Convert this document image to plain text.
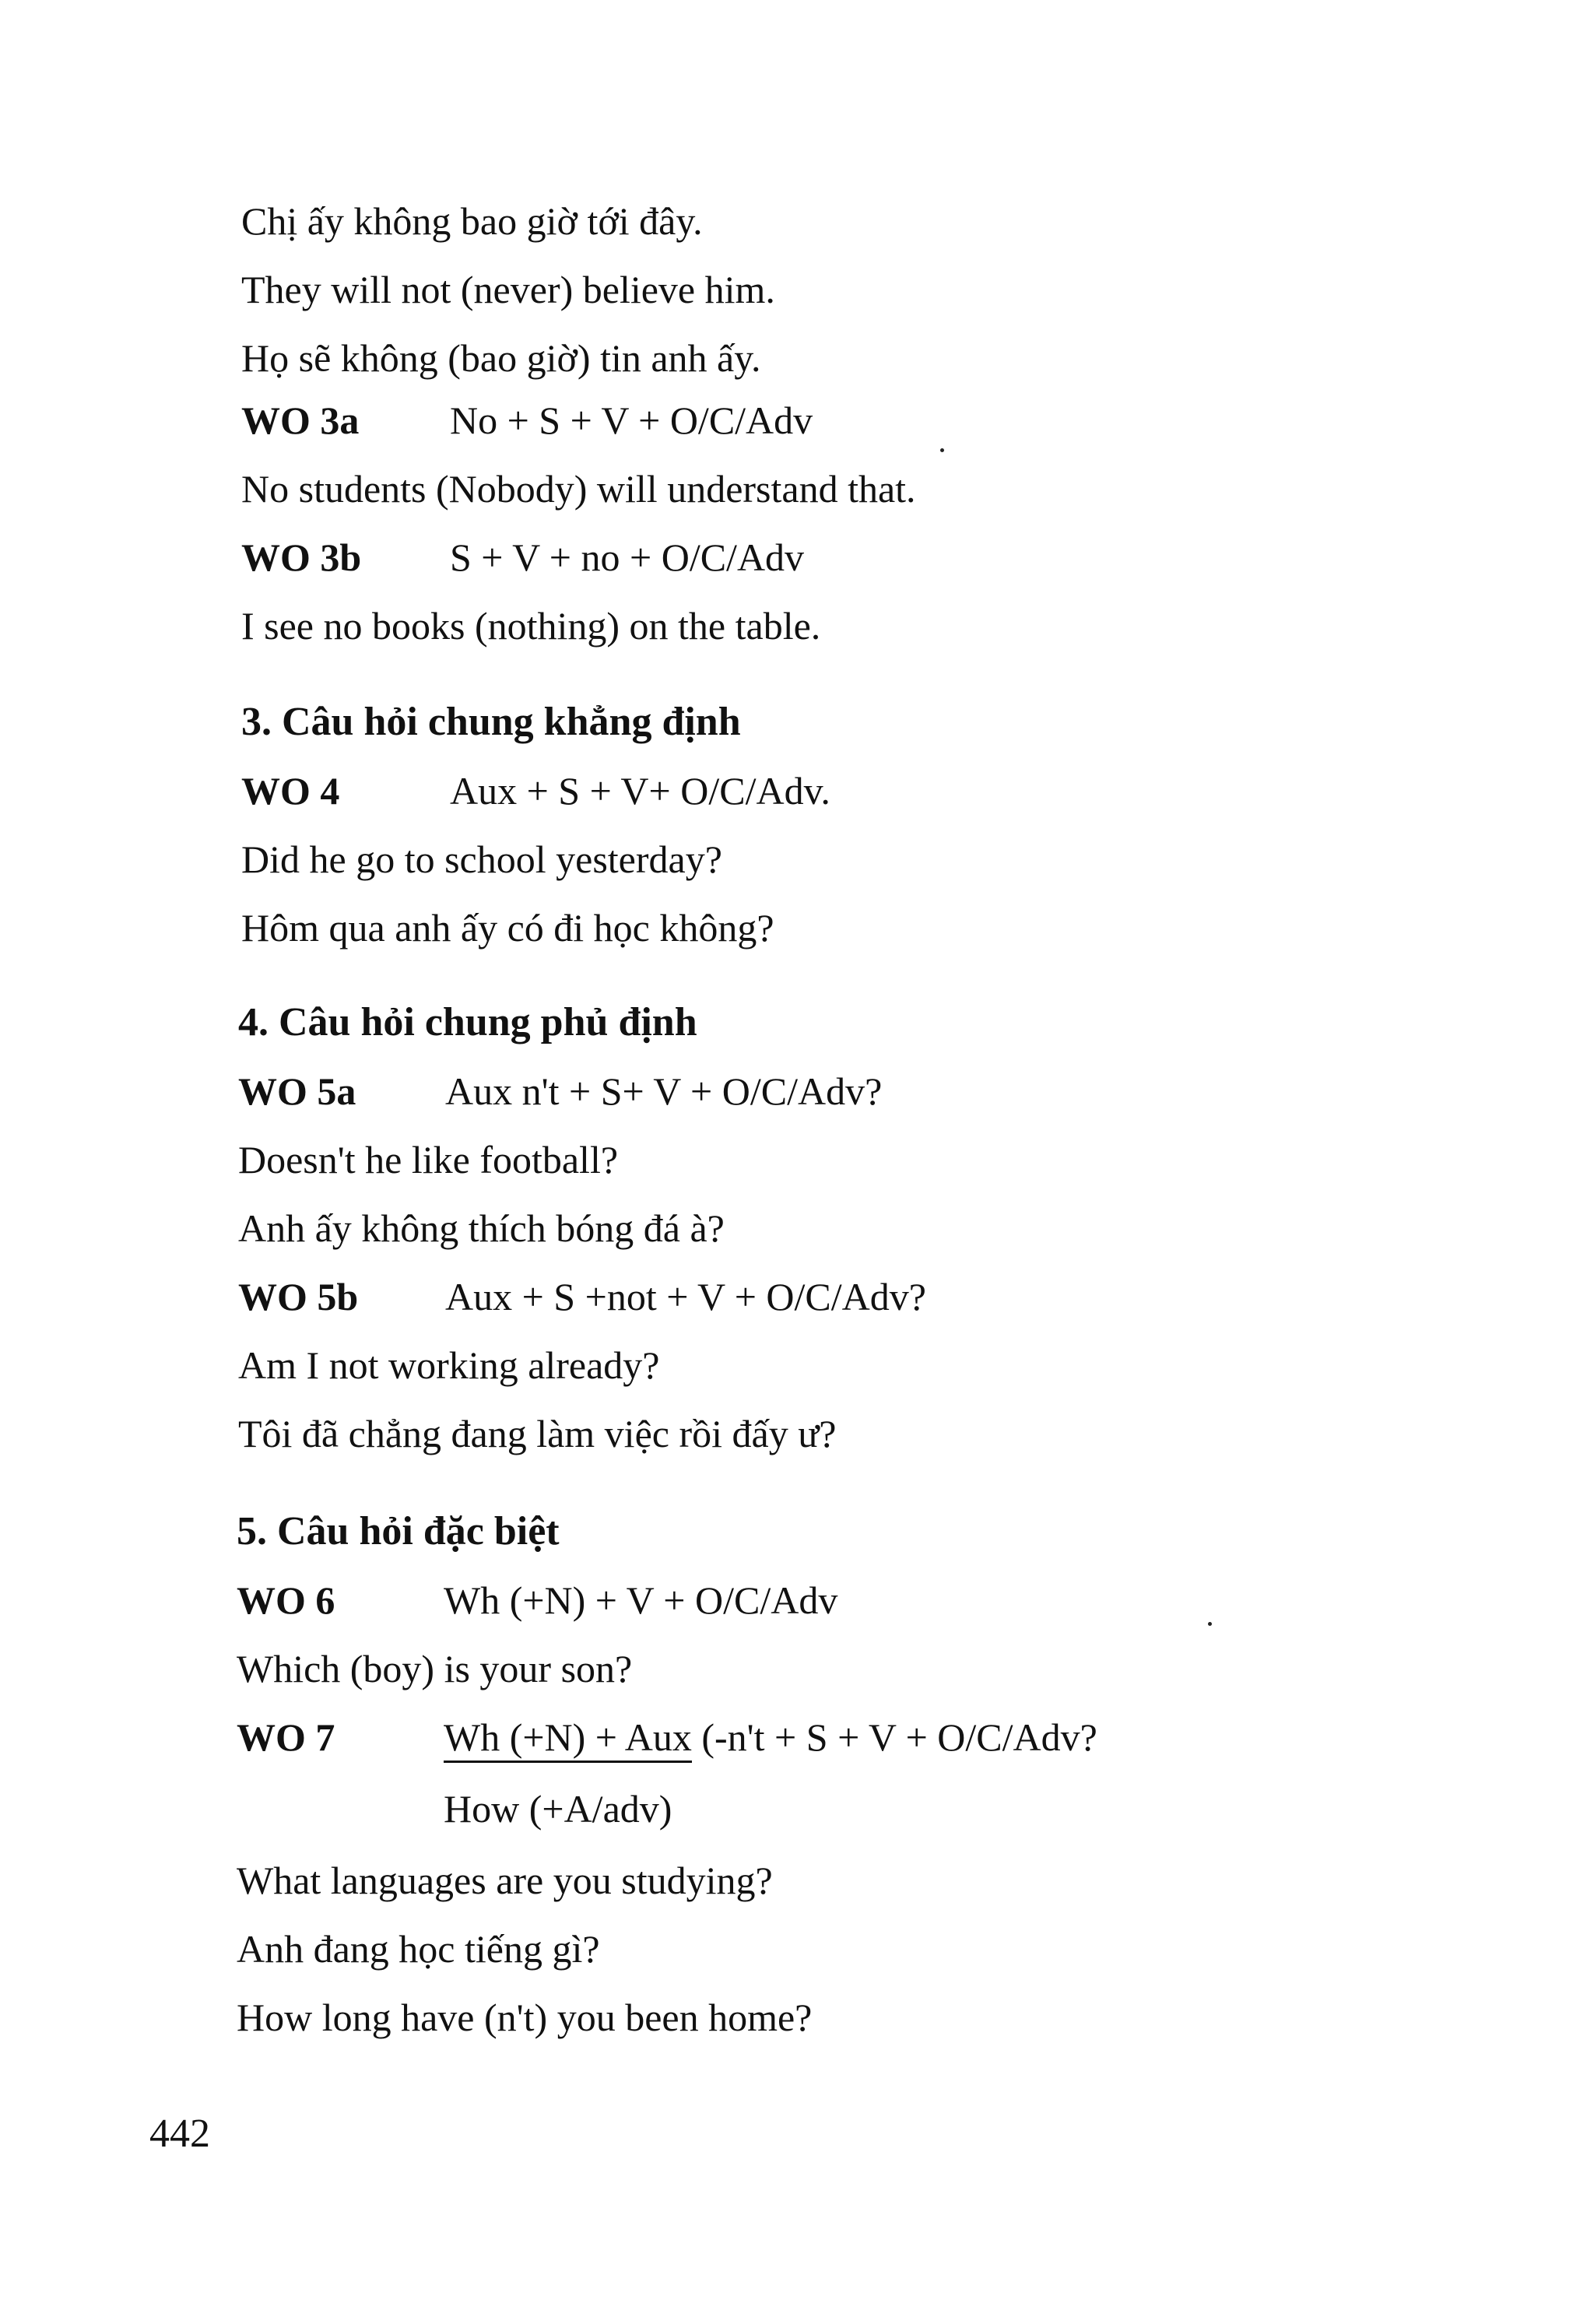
Chị ấy không bao giờ tới đây.
They will not (never) believe him.
Họ sẽ không (bao giờ) tin anh ấy.
WO 3a No + S + V + O/C/Adv
No students (Nobody) will understand that.
WO 3b S + V + no + O/C/Adv
I see no books (nothing) on the table.
3. Câu hỏi chung khẳng định
WO 4	Aux + S + V+ O/C/Adv.
Did he go to school yesterday?
Hôm qua anh ấy có đi học không?
4. Câu hỏi chung phủ định
WO 5a Aux n't + S+ V + O/C/Adv?
Doesn't he like football?
Anh ấy không thích bóng đá à?
WO 5b Aux + S +not + V + O/C/Adv?
Am I not working already?
Tôi đã chẳng đang làm việc rồi đấy ư?
5. Câu hỏi đặc biệt
WO 6	Wh (+N) + V + O/C/Adv
Which (boy) is your son?
WO 7	Wh (+N) + Aux (-n't + S + V + O/C/Adv?
How (+A/adv)
What languages are you studying?
Anh đang học tiếng gì?
How long have (n't) you been home?
442
